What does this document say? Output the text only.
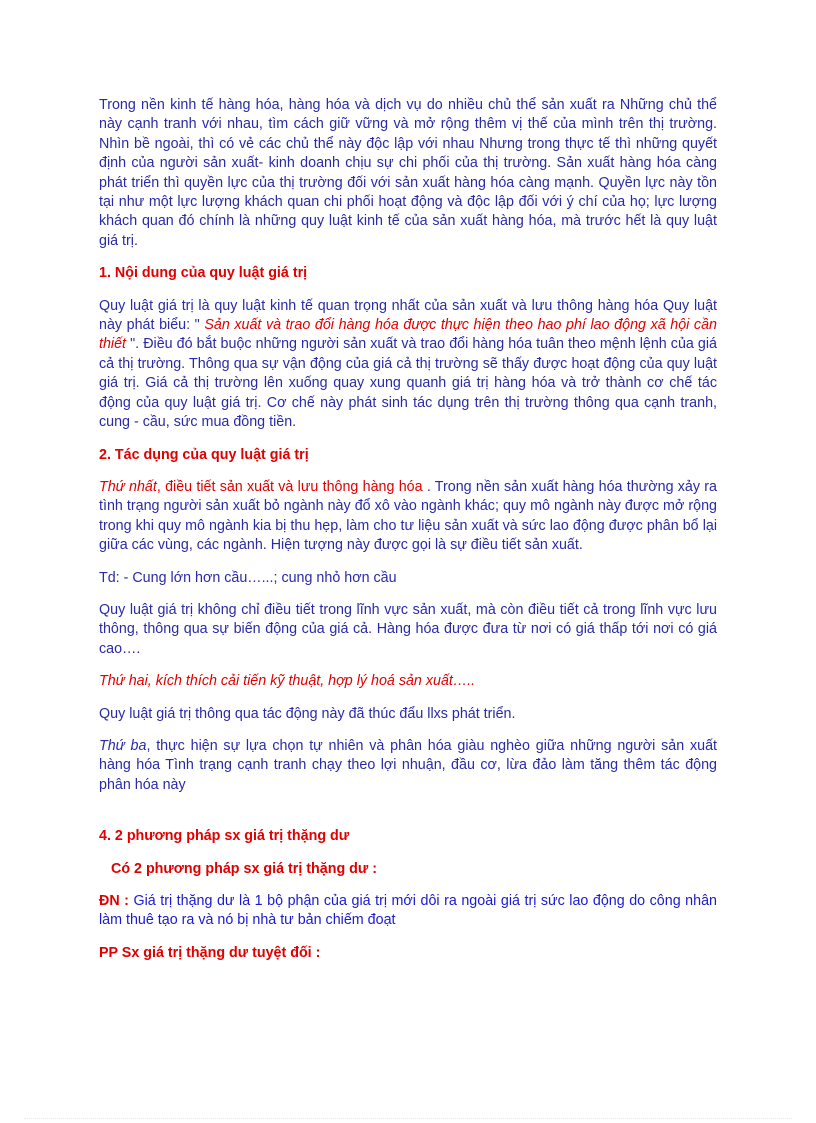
Trong nền kinh tế hàng hóa, hàng hóa và dịch vụ do nhiều chủ thể sản xuất ra Những chủ thể này cạnh tranh với nhau, tìm cách giữ vững và mở rộng thêm vị thế của mình trên thị trường. Nhìn bề ngoài, thì có vẻ các chủ thể này độc lập với nhau Nhưng trong thực tế thì những quyết định của người sản xuất- kinh doanh chịu sự chi phối của thị trường. Sản xuất hàng hóa càng phát triển thì quyền lực của thị trường đối với sản xuất hàng hóa càng mạnh. Quyền lực này tồn tại như một lực lượng khách quan chi phối hoạt động và độc lập đối với ý chí của họ; lực lượng khách quan đó chính là những quy luật kinh tế của sản xuất hàng hóa, mà trước hết là quy luật giá trị.

1. Nội dung của quy luật giá trị

Quy luật giá trị là quy luật kinh tế quan trọng nhất của sản xuất và lưu thông hàng hóa Quy luật này phát biểu: " Sản xuất và trao đổi hàng hóa được thực hiện theo hao phí lao động xã hội cần thiết ". Điều đó bắt buộc những người sản xuất và trao đổi hàng hóa tuân theo mệnh lệnh của giá cả thị trường. Thông qua sự vận động của giá cả thị trường sẽ thấy được hoạt động của quy luật giá trị. Giá cả thị trường lên xuống quay xung quanh giá trị hàng hóa và trở thành cơ chế tác động của quy luật giá trị. Cơ chế này phát sinh tác dụng trên thị trường thông qua cạnh tranh, cung - cầu, sức mua đồng tiền.

2. Tác dụng của quy luật giá trị

Thứ nhất, điều tiết sản xuất và lưu thông hàng hóa . Trong nền sản xuất hàng hóa thường xảy ra tình trạng người sản xuất bỏ ngành này đổ xô vào ngành khác; quy mô ngành này được mở rộng trong khi quy mô ngành kia bị thu hẹp, làm cho tư liệu sản xuất và sức lao động được phân bổ lại giữa các vùng, các ngành. Hiện tượng này được gọi là sự điều tiết sản xuất.

Td: - Cung lớn hơn cầu…...; cung nhỏ hơn cầu

Quy luật giá trị không chỉ điều tiết trong lĩnh vực sản xuất, mà còn điều tiết cả trong lĩnh vực lưu thông, thông qua sự biến động của giá cả. Hàng hóa được đưa từ nơi có giá thấp tới nơi có giá cao….

Thứ hai, kích thích cải tiến kỹ thuật, hợp lý hoá sản xuất…..

Quy luật giá trị thông qua tác động này đã thúc đẩu llxs phát triển.

Thứ ba, thực hiện sự lựa chọn tự nhiên và phân hóa giàu nghèo giữa những người sản xuất hàng hóa Tình trạng cạnh tranh chạy theo lợi nhuận, đầu cơ, lừa đảo làm tăng thêm tác động phân hóa này

4. 2 phương pháp sx giá trị thặng dư

Có 2 phương pháp sx giá trị thặng dư :

ĐN : Giá trị thặng dư là 1 bộ phận của giá trị mới dôi ra ngoài giá trị sức lao động do công nhân làm thuê tạo ra và nó bị nhà tư bản chiếm đoạt

PP Sx giá trị thặng dư tuyệt đối :
